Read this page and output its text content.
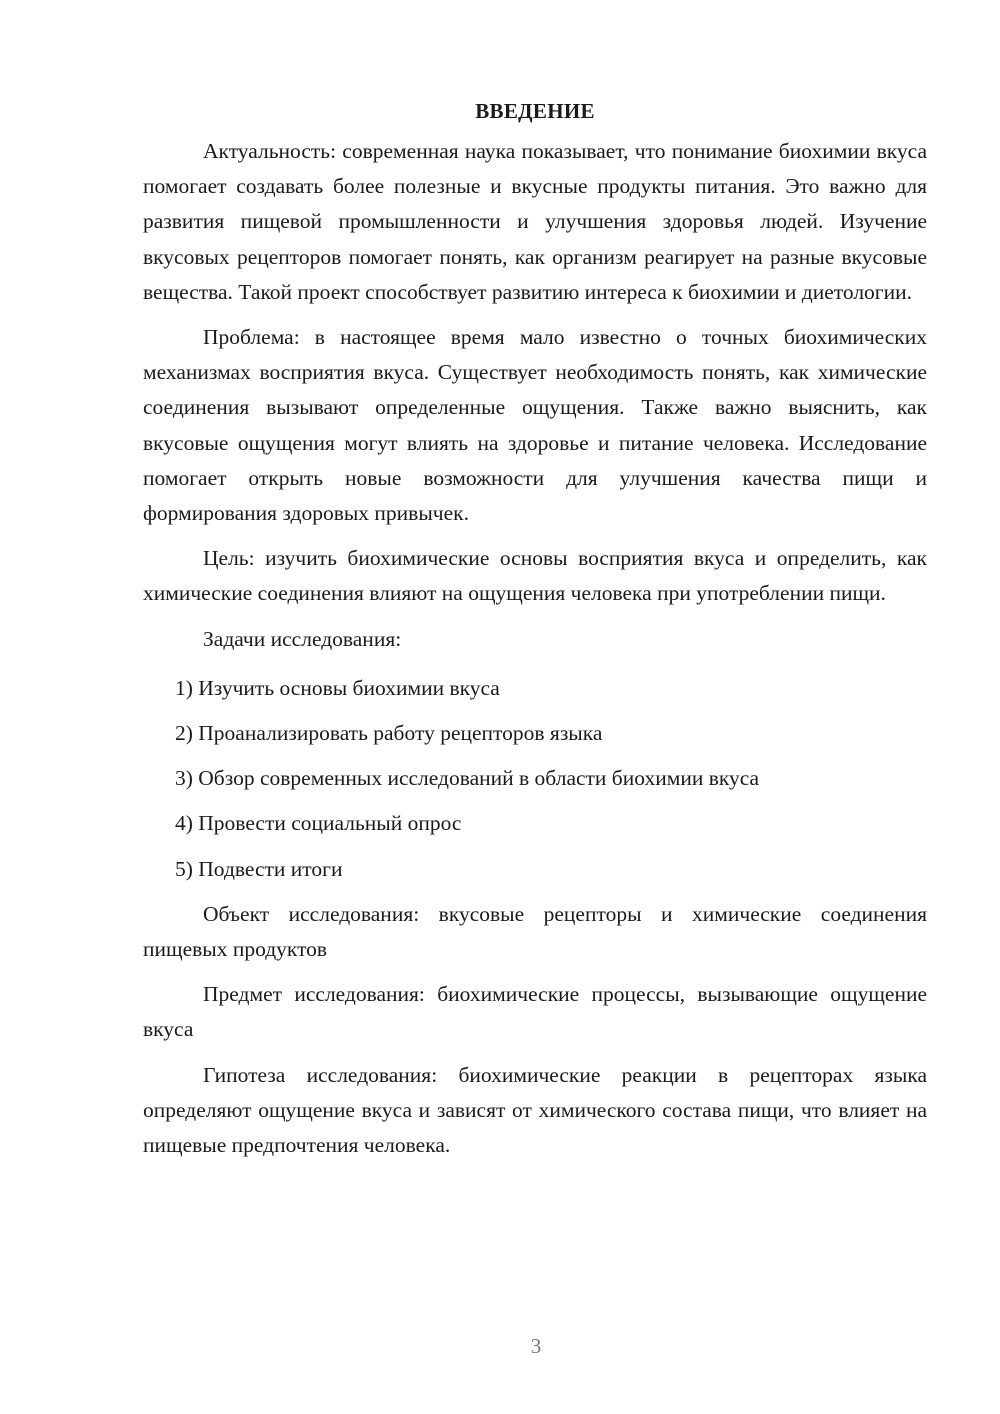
ВВЕДЕНИЕ

Актуальность: современная наука показывает, что понимание биохимии вкуса помогает создавать более полезные и вкусные продукты питания. Это важно для развития пищевой промышленности и улучшения здоровья людей. Изучение вкусовых рецепторов помогает понять, как организм реагирует на разные вкусовые вещества. Такой проект способствует развитию интереса к биохимии и диетологии.

Проблема: в настоящее время мало известно о точных биохимических механизмах восприятия вкуса. Существует необходимость понять, как химические соединения вызывают определенные ощущения. Также важно выяснить, как вкусовые ощущения могут влиять на здоровье и питание человека. Исследование помогает открыть новые возможности для улучшения качества пищи и формирования здоровых привычек.

Цель: изучить биохимические основы восприятия вкуса и определить, как химические соединения влияют на ощущения человека при употреблении пищи.

Задачи исследования:

1) Изучить основы биохимии вкуса
2) Проанализировать работу рецепторов языка
3) Обзор современных исследований в области биохимии вкуса
4) Провести социальный опрос
5) Подвести итоги

Объект исследования: вкусовые рецепторы и химические соединения пищевых продуктов

Предмет исследования: биохимические процессы, вызывающие ощущение вкуса

Гипотеза исследования: биохимические реакции в рецепторах языка определяют ощущение вкуса и зависят от химического состава пищи, что влияет на пищевые предпочтения человека.

3
